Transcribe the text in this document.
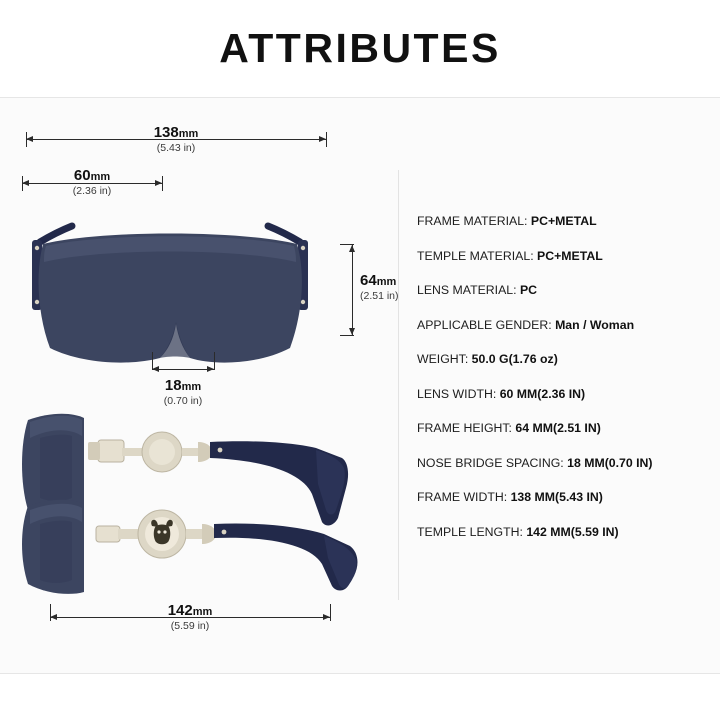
ATTRIBUTES
138mm
(5.43 in)
60mm
(2.36 in)
64mm
(2.51 in)
18mm
(0.70 in)
142mm
(5.59 in)
FRAME MATERIAL: PC+METAL
TEMPLE MATERIAL: PC+METAL
LENS MATERIAL: PC
APPLICABLE GENDER: Man / Woman
WEIGHT: 50.0 G(1.76 oz)
LENS WIDTH: 60 MM(2.36 IN)
FRAME HEIGHT: 64 MM(2.51 IN)
NOSE BRIDGE SPACING: 18 MM(0.70 IN)
FRAME WIDTH: 138 MM(5.43 IN)
TEMPLE LENGTH: 142 MM(5.59 IN)
